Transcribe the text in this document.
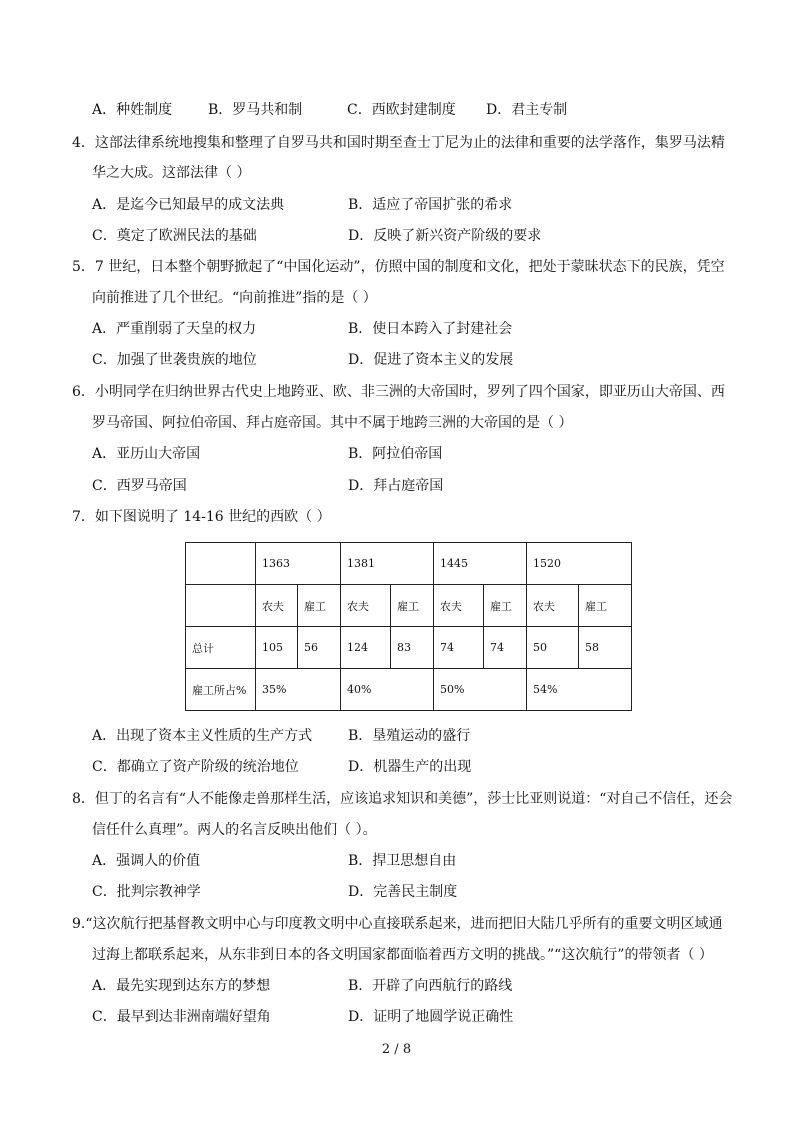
A．种姓制度	B．罗马共和制	C．西欧封建制度 D．君主专制
4．这部法律系统地搜集和整理了自罗马共和国时期至查士丁尼为止的法律和重要的法学落作，集罗马法精
华之大成。这部法律（ ）
A．是迄今已知最早的成文法典	B．适应了帝国扩张的希求
C．奠定了欧洲民法的基础	D．反映了新兴资产阶级的要求
5．7 世纪，日本整个朝野掀起了“中国化运动”，仿照中国的制度和文化，把处于蒙昧状态下的民族，凭空
向前推进了几个世纪。“向前推进”指的是（ ）
A．严重削弱了天皇的权力	B．使日本跨入了封建社会
C．加强了世袭贵族的地位	D．促进了资本主义的发展
6．小明同学在归纳世界古代史上地跨亚、欧、非三洲的大帝国时，罗列了四个国家，即亚历山大帝国、西
罗马帝国、阿拉伯帝国、拜占庭帝国。其中不属于地跨三洲的大帝国的是（ ）
A．亚历山大帝国	B．阿拉伯帝国
C．西罗马帝国	D．拜占庭帝国
7．如下图说明了 14-16 世纪的西欧（ ）
	1363		1381		1445		1520	
	农夫	雇工	农夫	雇工	农夫	雇工	农夫	雇工
总计	105	56	124	83	74	74	50	58
雇工所占%	35%		40%		50%		54%	
A．出现了资本主义性质的生产方式	B．垦殖运动的盛行
C．都确立了资产阶级的统治地位	D．机器生产的出现
8．但丁的名言有“人不能像走兽那样生活，应该追求知识和美德”，莎士比亚则说道：“对自己不信任，还会
信任什么真理”。两人的名言反映出他们（ ）。
A．强调人的价值	B．捍卫思想自由
C．批判宗教神学	D．完善民主制度
9.“这次航行把基督教文明中心与印度教文明中心直接联系起来，进而把旧大陆几乎所有的重要文明区域通
过海上都联系起来，从东非到日本的各文明国家都面临着西方文明的挑战。”“这次航行”的带领者（ ）
A．最先实现到达东方的梦想	B．开辟了向西航行的路线
C．最早到达非洲南端好望角	D．证明了地圆学说正确性
2 / 8
